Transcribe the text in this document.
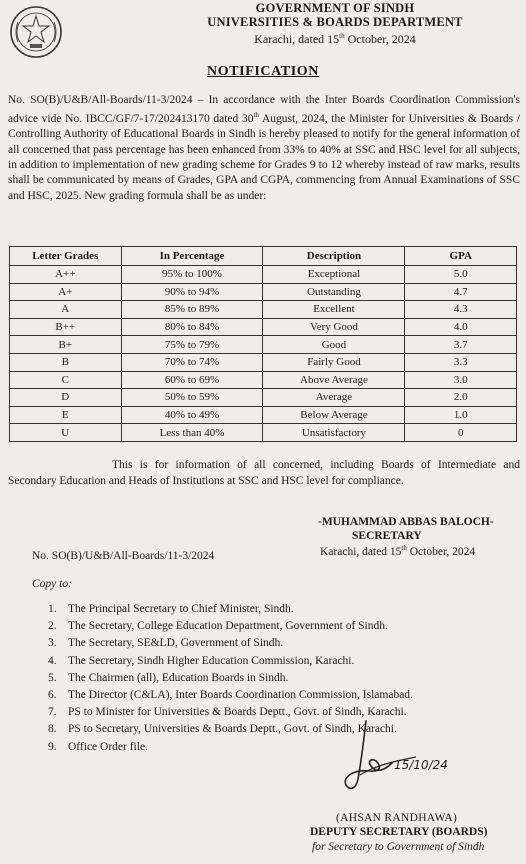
GOVERNMENT OF SINDH
UNIVERSITIES & BOARDS DEPARTMENT
Karachi, dated 15th October, 2024
NOTIFICATION
No. SO(B)/U&B/All-Boards/11-3/2024 – In accordance with the Inter Boards Coordination Commission's advice vide No. IBCC/GF/7-17/202413170 dated 30th August, 2024, the Minister for Universities & Boards / Controlling Authority of Educational Boards in Sindh is hereby pleased to notify for the general information of all concerned that pass percentage has been enhanced from 33% to 40% at SSC and HSC level for all subjects, in addition to implementation of new grading scheme for Grades 9 to 12 whereby instead of raw marks, results shall be communicated by means of Grades, GPA and CGPA, commencing from Annual Examinations of SSC and HSC, 2025. New grading formula shall be as under:
Letter Grades	In Percentage	Description	GPA
A++	95% to 100%	Exceptional	5.0
A+	90% to 94%	Outstanding	4.7
A	85% to 89%	Excellent	4.3
B++	80% to 84%	Very Good	4.0
B+	75% to 79%	Good	3.7
B	70% to 74%	Fairly Good	3.3
C	60% to 69%	Above Average	3.0
D	50% to 59%	Average	2.0
E	40% to 49%	Below Average	1.0
U	Less than 40%	Unsatisfactory	0
This is for information of all concerned, including Boards of Intermediate and Secondary Education and Heads of Institutions at SSC and HSC level for compliance.
-MUHAMMAD ABBAS BALOCH-
SECRETARY
Karachi, dated 15th October, 2024
No. SO(B)/U&B/All-Boards/11-3/2024
Copy to:
1. The Principal Secretary to Chief Minister, Sindh.
2. The Secretary, College Education Department, Government of Sindh.
3. The Secretary, SE&LD, Government of Sindh.
4. The Secretary, Sindh Higher Education Commission, Karachi.
5. The Chairmen (all), Education Boards in Sindh.
6. The Director (C&LA), Inter Boards Coordination Commission, Islamabad.
7. PS to Minister for Universities & Boards Deptt., Govt. of Sindh, Karachi.
8. PS to Secretary, Universities & Boards Deptt., Govt. of Sindh, Karachi.
9. Office Order file.
15/10/24
(AHSAN RANDHAWA)
DEPUTY SECRETARY (BOARDS)
for Secretary to Government of Sindh
